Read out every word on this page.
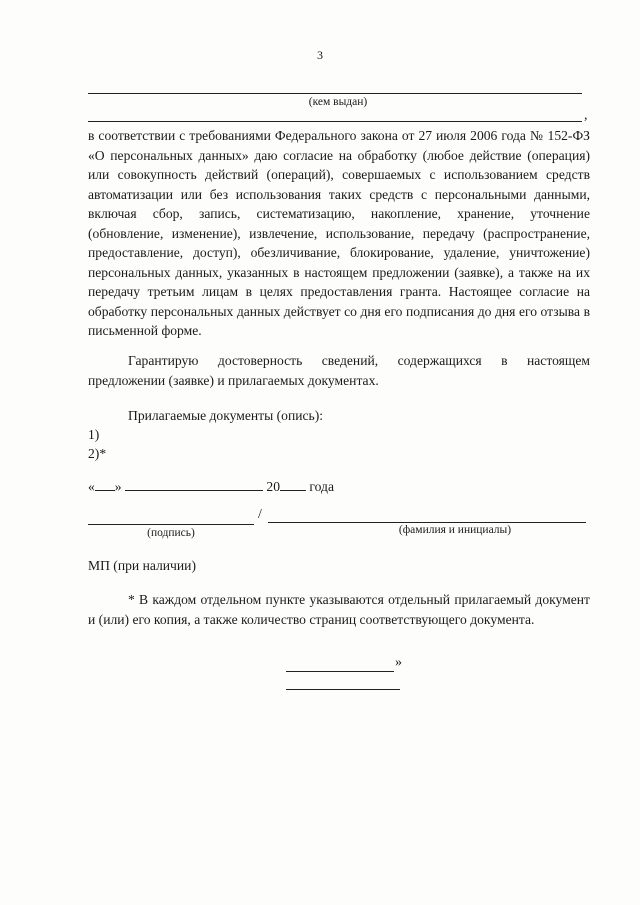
3
(кем выдан)
,

в соответствии с требованиями Федерального закона от 27 июля 2006 года № 152-ФЗ «О персональных данных» даю согласие на обработку (любое действие (операция) или совокупность действий (операций), совершаемых с использованием средств автоматизации или без использования таких средств с персональными данными, включая сбор, запись, систематизацию, накопление, хранение, уточнение (обновление, изменение), извлечение, использование, передачу (распространение, предоставление, доступ), обезличивание, блокирование, удаление, уничтожение) персональных данных, указанных в настоящем предложении (заявке), а также на их передачу третьим лицам в целях предоставления гранта. Настоящее согласие на обработку персональных данных действует со дня его подписания до дня его отзыва в письменной форме.

Гарантирую достоверность сведений, содержащихся в настоящем предложении (заявке) и прилагаемых документах.

Прилагаемые документы (опись):
1)
2)*
« »	20 года
/
(подпись)	(фамилия и инициалы)
МП (при наличии)

* В каждом отдельном пункте указываются отдельный прилагаемый документ и (или) его копия, а также количество страниц соответствующего документа.

»
